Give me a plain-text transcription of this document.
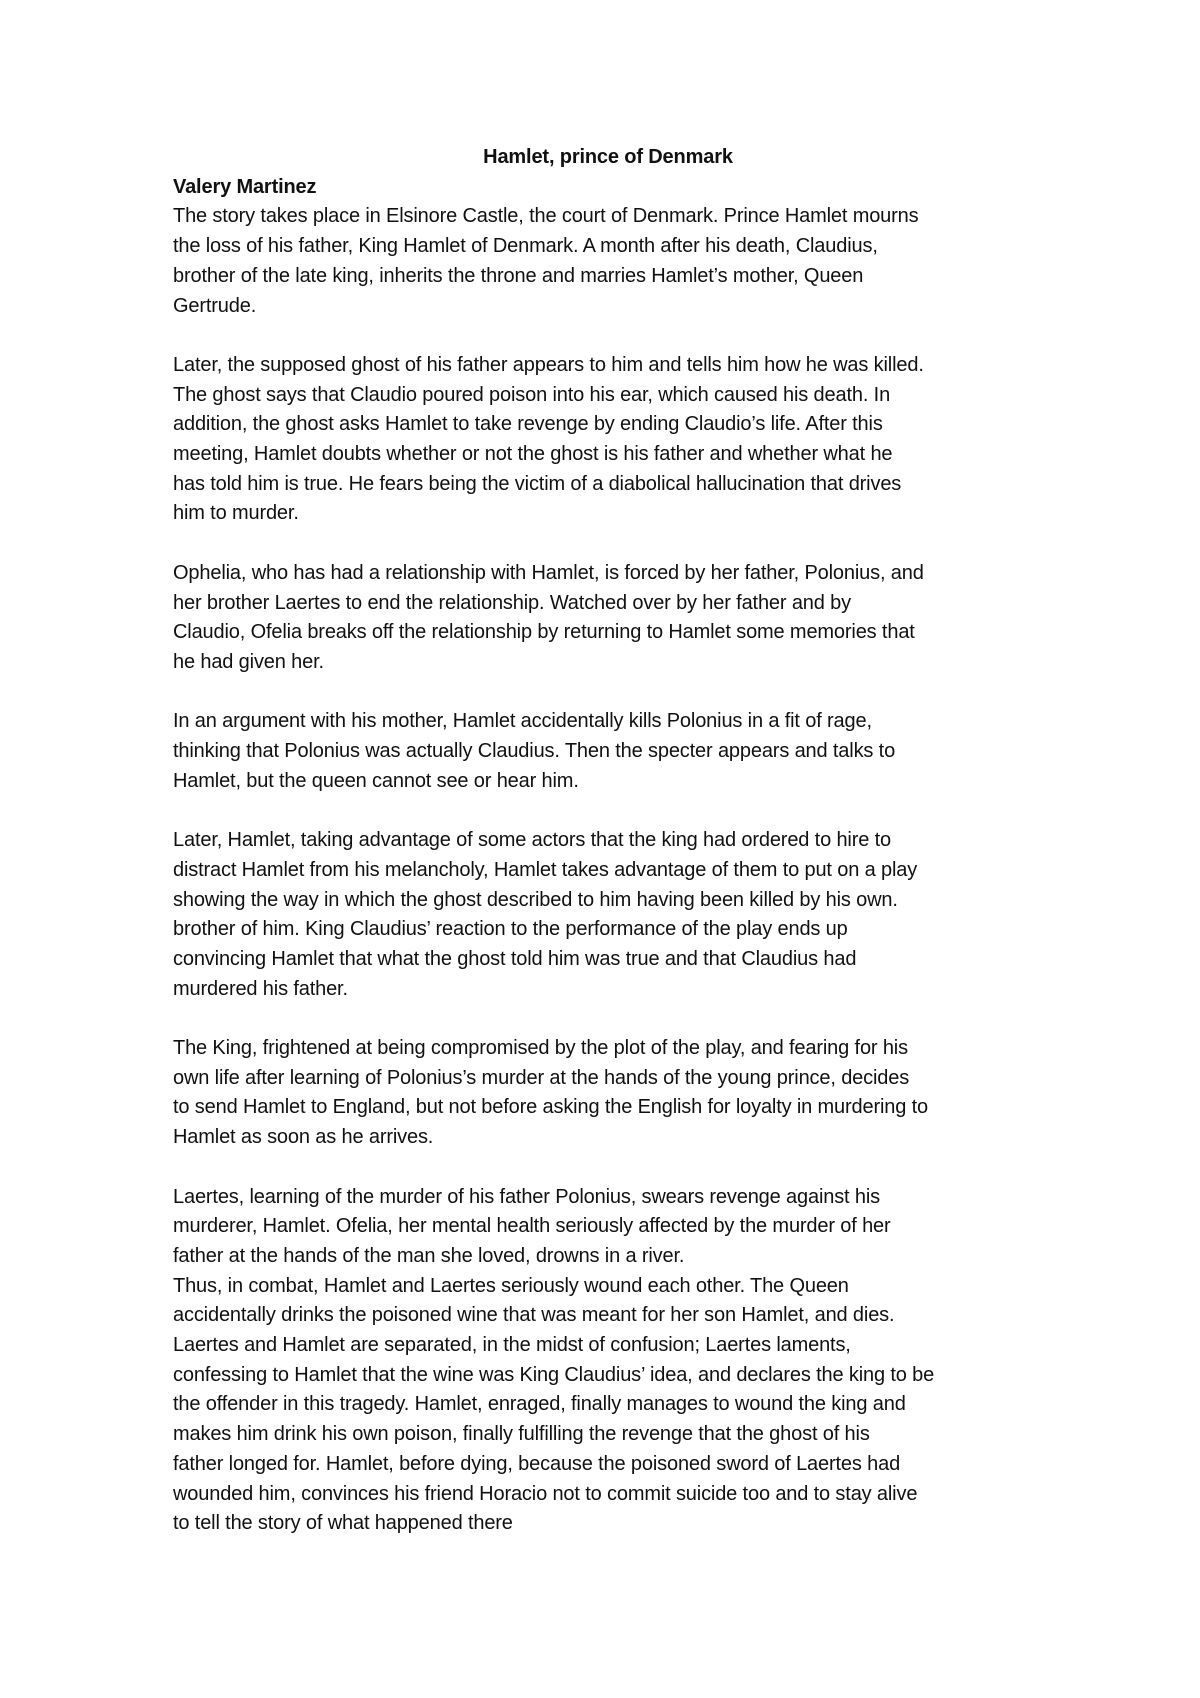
Hamlet, prince of Denmark

Valery Martinez

The story takes place in Elsinore Castle, the court of Denmark. Prince Hamlet mourns
the loss of his father, King Hamlet of Denmark. A month after his death, Claudius,
brother of the late king, inherits the throne and marries Hamlet’s mother, Queen
Gertrude.

Later, the supposed ghost of his father appears to him and tells him how he was killed.
The ghost says that Claudio poured poison into his ear, which caused his death. In
addition, the ghost asks Hamlet to take revenge by ending Claudio’s life. After this
meeting, Hamlet doubts whether or not the ghost is his father and whether what he
has told him is true. He fears being the victim of a diabolical hallucination that drives
him to murder.

Ophelia, who has had a relationship with Hamlet, is forced by her father, Polonius, and
her brother Laertes to end the relationship. Watched over by her father and by
Claudio, Ofelia breaks off the relationship by returning to Hamlet some memories that
he had given her.

In an argument with his mother, Hamlet accidentally kills Polonius in a fit of rage,
thinking that Polonius was actually Claudius. Then the specter appears and talks to
Hamlet, but the queen cannot see or hear him.

Later, Hamlet, taking advantage of some actors that the king had ordered to hire to
distract Hamlet from his melancholy, Hamlet takes advantage of them to put on a play
showing the way in which the ghost described to him having been killed by his own.
brother of him. King Claudius’ reaction to the performance of the play ends up
convincing Hamlet that what the ghost told him was true and that Claudius had
murdered his father.

The King, frightened at being compromised by the plot of the play, and fearing for his
own life after learning of Polonius’s murder at the hands of the young prince, decides
to send Hamlet to England, but not before asking the English for loyalty in murdering to
Hamlet as soon as he arrives.

Laertes, learning of the murder of his father Polonius, swears revenge against his
murderer, Hamlet. Ofelia, her mental health seriously affected by the murder of her
father at the hands of the man she loved, drowns in a river.
Thus, in combat, Hamlet and Laertes seriously wound each other. The Queen
accidentally drinks the poisoned wine that was meant for her son Hamlet, and dies.
Laertes and Hamlet are separated, in the midst of confusion; Laertes laments,
confessing to Hamlet that the wine was King Claudius’ idea, and declares the king to be
the offender in this tragedy. Hamlet, enraged, finally manages to wound the king and
makes him drink his own poison, finally fulfilling the revenge that the ghost of his
father longed for. Hamlet, before dying, because the poisoned sword of Laertes had
wounded him, convinces his friend Horacio not to commit suicide too and to stay alive
to tell the story of what happened there
